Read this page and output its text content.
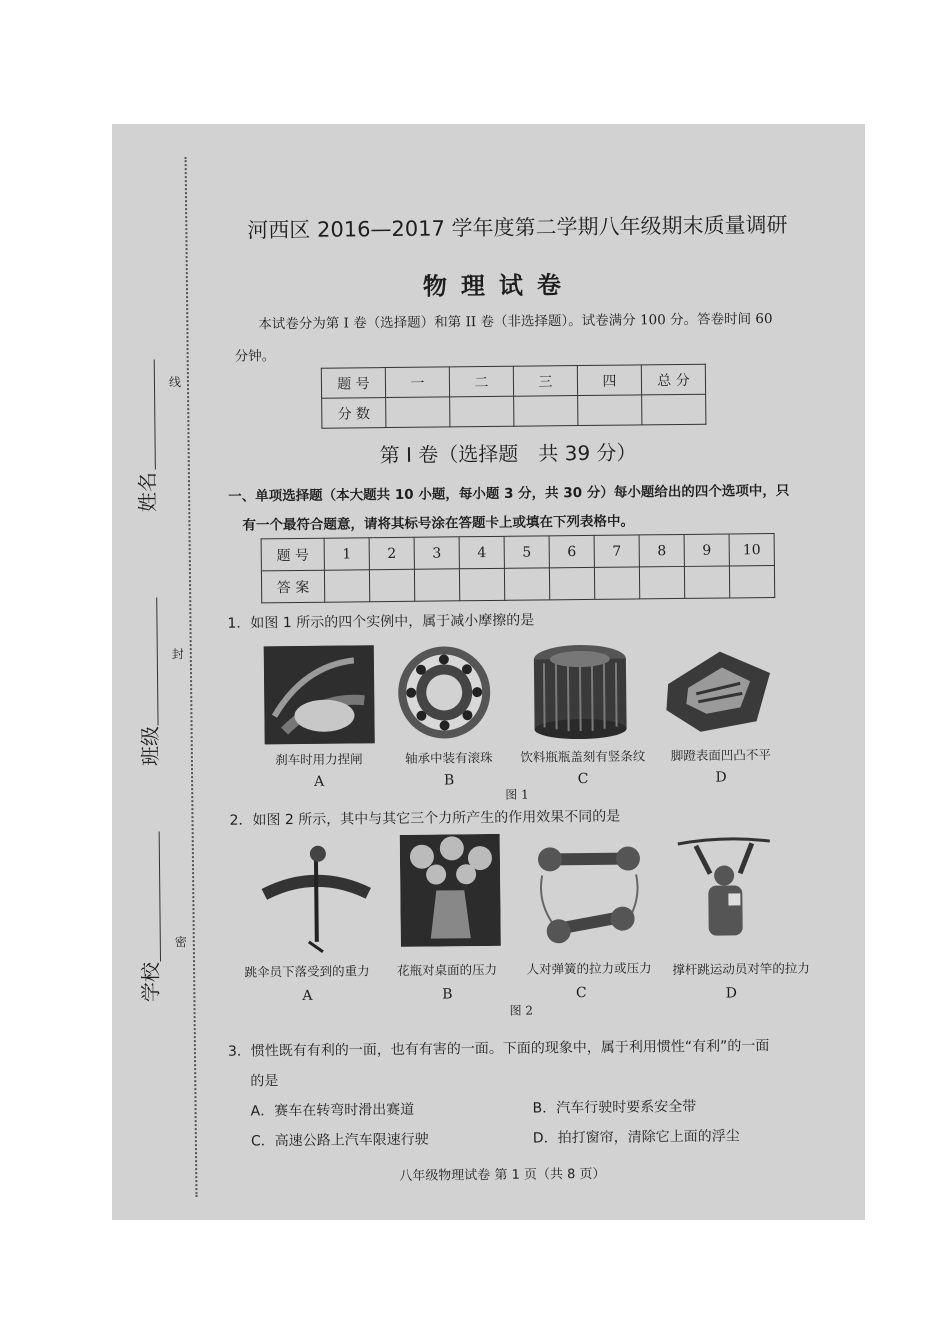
线
封
密
姓名
班级
学校
河西区 2016—2017 学年度第二学期八年级期末质量调研
物理试卷
本试卷分为第 I 卷（选择题）和第 II 卷（非选择题）。试卷满分 100 分。答卷时间 60
分钟。
题 号	一	二	三	四	总 分
分 数					
第 I 卷（选择题　共 39 分）
一、单项选择题（本大题共 10 小题，每小题 3 分，共 30 分）每小题给出的四个选项中，只
有一个最符合题意，请将其标号涂在答题卡上或填在下列表格中。
题 号	1	2	3	4	5	6	7	8	9	10
答 案										
1．如图 1 所示的四个实例中，属于减小摩擦的是
刹车时用力捏闸	轴承中装有滚珠	饮料瓶瓶盖刻有竖条纹	脚蹬表面凹凸不平
A	B	C	D
图 1
2．如图 2 所示，其中与其它三个力所产生的作用效果不同的是
跳伞员下落受到的重力	花瓶对桌面的压力	人对弹簧的拉力或压力	撑杆跳运动员对竿的拉力
A	B	C	D
图 2
3．惯性既有有利的一面，也有有害的一面。下面的现象中，属于利用惯性“有利”的一面
的是
A．赛车在转弯时滑出赛道	B．汽车行驶时要系安全带
C．高速公路上汽车限速行驶	D．拍打窗帘，清除它上面的浮尘
八年级物理试卷 第 1 页（共 8 页）
